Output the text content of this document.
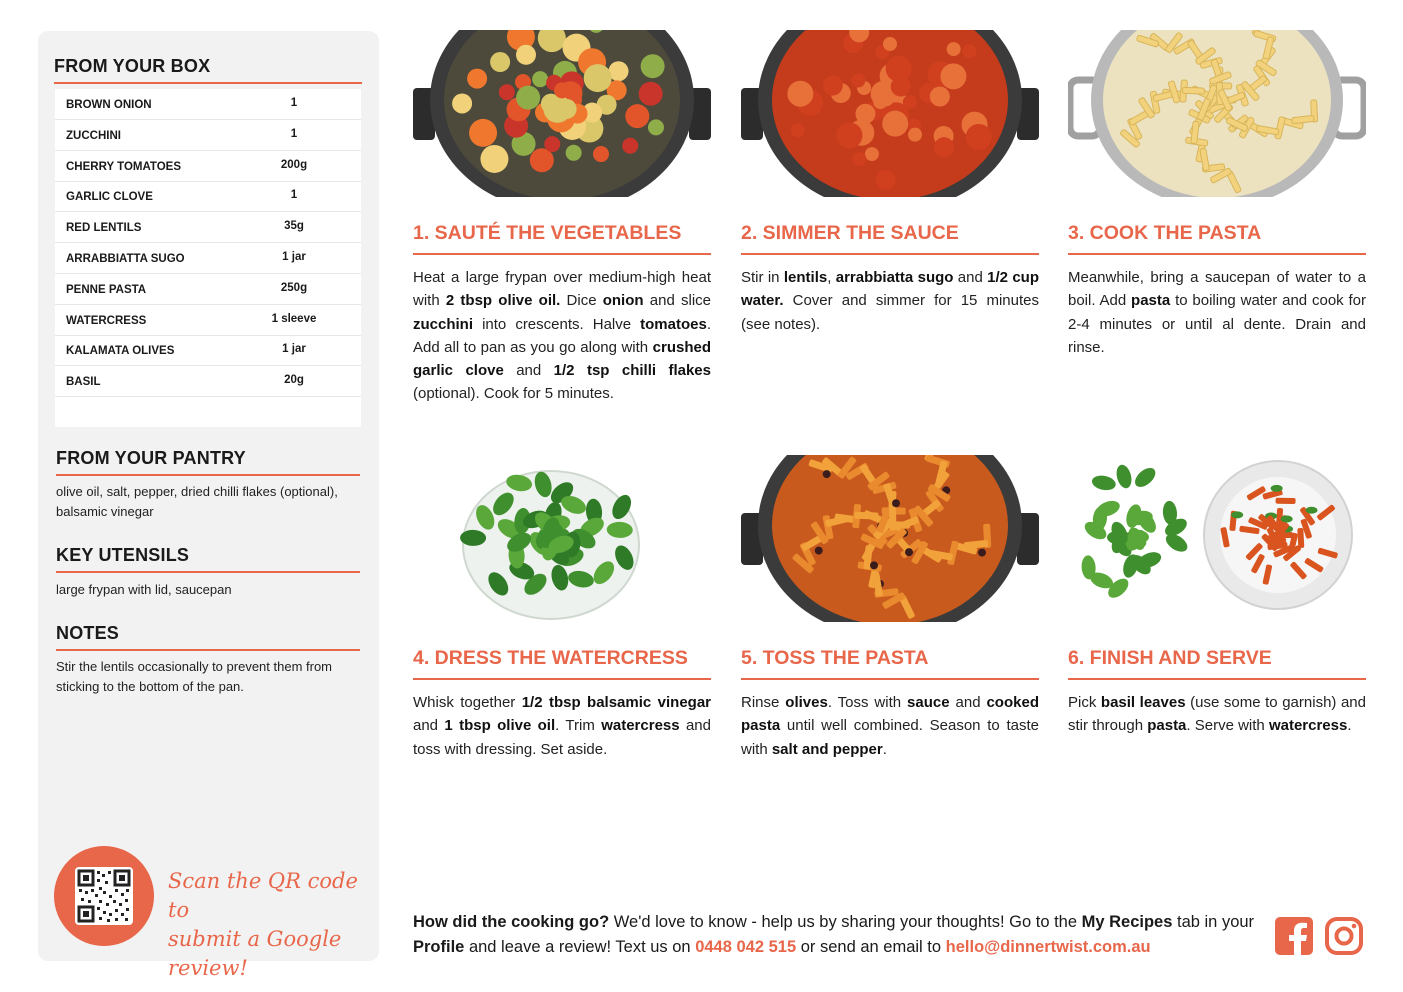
FROM YOUR BOX
BROWN ONION	1
ZUCCHINI	1
CHERRY TOMATOES	200g
GARLIC CLOVE	1
RED LENTILS	35g
ARRABBIATTA SUGO	1 jar
PENNE PASTA	250g
WATERCRESS	1 sleeve
KALAMATA OLIVES	1 jar
BASIL	20g
FROM YOUR PANTRY
olive oil, salt, pepper, dried chilli flakes (optional), balsamic vinegar
KEY UTENSILS
large frypan with lid, saucepan
NOTES
Stir the lentils occasionally to prevent them from sticking to the bottom of the pan.
Scan the QR code to
submit a Google review!
1. SAUTÉ THE VEGETABLES
Heat a large frypan over medium-high heat with 2 tbsp olive oil. Dice onion and slice zucchini into crescents. Halve tomatoes. Add all to pan as you go along with crushed garlic clove and 1/2 tsp chilli flakes (optional). Cook for 5 minutes.
2. SIMMER THE SAUCE
Stir in lentils, arrabbiatta sugo and 1/2 cup water. Cover and simmer for 15 minutes (see notes).
3. COOK THE PASTA
Meanwhile, bring a saucepan of water to a boil. Add pasta to boiling water and cook for 2-4 minutes or until al dente. Drain and rinse.
4. DRESS THE WATERCRESS
Whisk together 1/2 tbsp balsamic vinegar and 1 tbsp olive oil. Trim watercress and toss with dressing. Set aside.
5. TOSS THE PASTA
Rinse olives. Toss with sauce and cooked pasta until well combined. Season to taste with salt and pepper.
6. FINISH AND SERVE
Pick basil leaves (use some to garnish) and stir through pasta. Serve with watercress.
How did the cooking go? We'd love to know - help us by sharing your thoughts! Go to the My Recipes tab in your Profile and leave a review! Text us on 0448 042 515 or send an email to hello@dinnertwist.com.au
